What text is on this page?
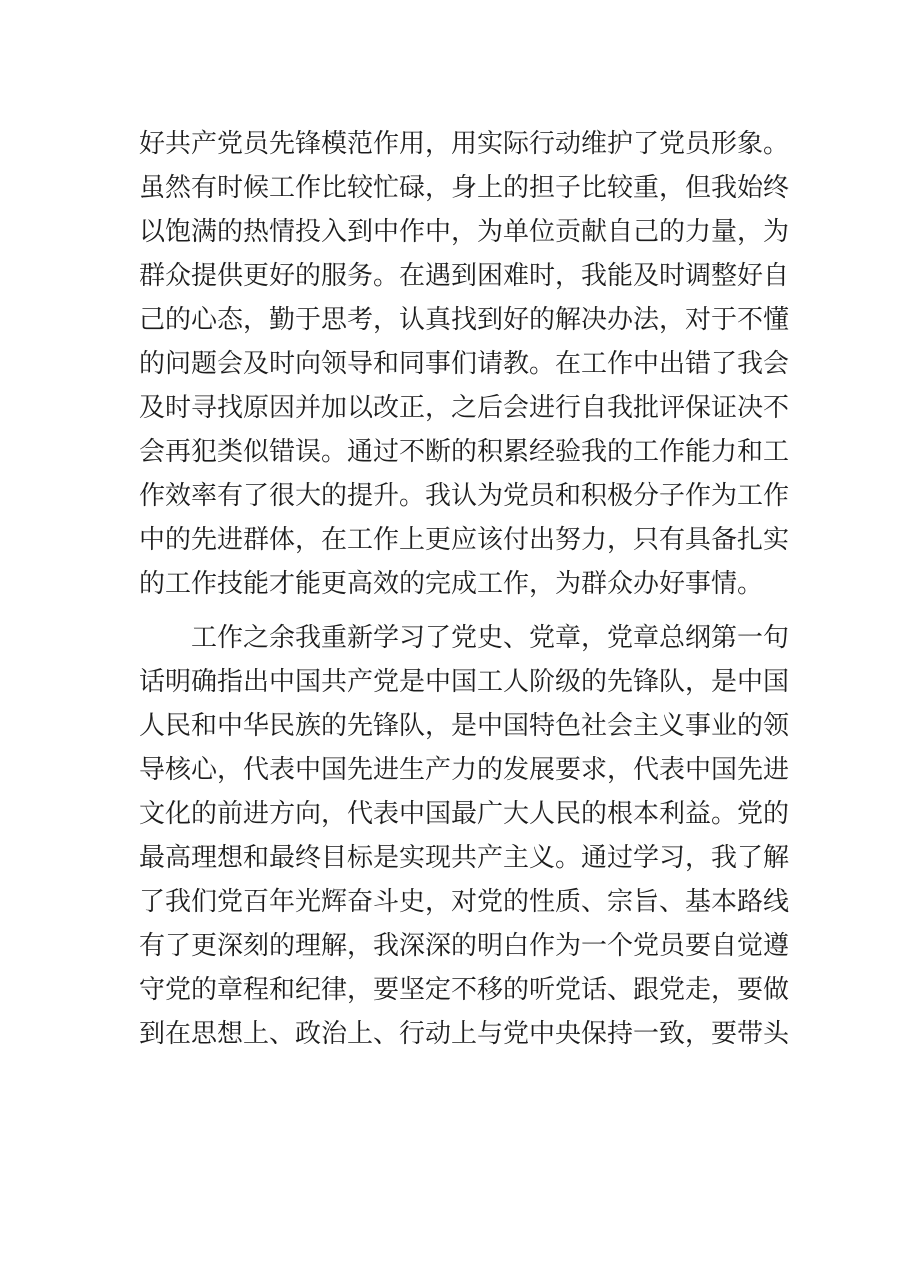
好共产党员先锋模范作用，用实际行动维护了党员形象。
虽然有时候工作比较忙碌，身上的担子比较重，但我始终
以饱满的热情投入到中作中，为单位贡献自己的力量，为
群众提供更好的服务。在遇到困难时，我能及时调整好自
己的心态，勤于思考，认真找到好的解决办法，对于不懂
的问题会及时向领导和同事们请教。在工作中出错了我会
及时寻找原因并加以改正，之后会进行自我批评保证决不
会再犯类似错误。通过不断的积累经验我的工作能力和工
作效率有了很大的提升。我认为党员和积极分子作为工作
中的先进群体，在工作上更应该付出努力，只有具备扎实
的工作技能才能更高效的完成工作，为群众办好事情。
工作之余我重新学习了党史、党章，党章总纲第一句
话明确指出中国共产党是中国工人阶级的先锋队，是中国
人民和中华民族的先锋队，是中国特色社会主义事业的领
导核心，代表中国先进生产力的发展要求，代表中国先进
文化的前进方向，代表中国最广大人民的根本利益。党的
最高理想和最终目标是实现共产主义。通过学习，我了解
了我们党百年光辉奋斗史，对党的性质、宗旨、基本路线
有了更深刻的理解，我深深的明白作为一个党员要自觉遵
守党的章程和纪律，要坚定不移的听党话、跟党走，要做
到在思想上、政治上、行动上与党中央保持一致，要带头
